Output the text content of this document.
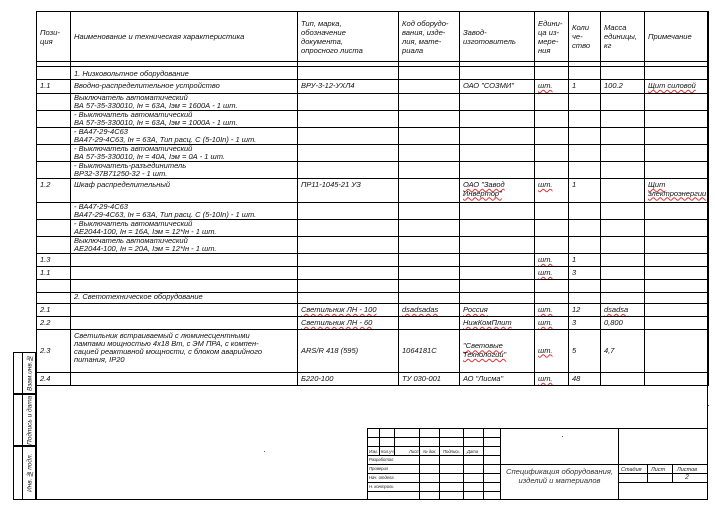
Пози-
ция	Наименование и техническая характеристика	Тип, марка,
обозначение
документа,
опросного листа	Код оборудо-
вания, изде-
лия, мате-
риала	Завод-
изготовитель	Едини-
ца из-
мере-
ния	Коли
че-
ство	Масса
единицы,
кг	Примечание

	1. Низковольтное оборудование							

1.1	Вводно-распределительное устройство	ВРУ-3-12-УХЛ4		ОАО "СОЗМИ"	шт.	1	100.2	Щит силовой

	Выключатель автоматический
ВА 57-35-330010, Iн = 63А, Iэм = 1600А - 1 шт.							

	- Выключатель автоматический
ВА 57-35-330010, Iн = 63А, Iэм = 1000А - 1 шт.							

	- ВА47-29-4С63
ВА47-29-4С63, Iн = 63А, Тип расц. С (5-10In) - 1 шт.							

	- Выключатель автоматический
ВА 57-35-330010, Iн = 40А, Iэм = 0А - 1 шт.							

	- Выключатель-разъединитель
ВР32-37В71250-32 - 1 шт.							

1.2	Шкаф распределительный	ПР11-1045-21 УЗ		ОАО "Завод Инвертор"	шт.	1		Щит электроэнергии

	- ВА47-29-4С63
ВА47-29-4С63, Iн = 63А, Тип расц. С (5-10In) - 1 шт.							

	- Выключатель автоматический
АЕ2044-100, Iн = 16А, Iэм = 12*Iн - 1 шт.							

	Выключатель автоматический
АЕ2044-100, Iн = 20А, Iэм = 12*Iн - 1 шт.							

1.3					шт.	1		
1.1					шт.	3		

	2. Светотехническое оборудование							

2.1		Светильник ЛН - 100	dsadsadas	Россия	шт.	12	dsadsa	
2.2		Светильник ЛН - 60		НижКомПлит	шт.	3	0,800	
2.3	Светильник встраиваемый с люминесцентными
лампами мощностью 4х18 Вт, с ЭМ ПРА, с компен-
сацией реактивной мощности, с блоком аварийного
питания, IP20	ARS/R 418 (595)	1064181С	"Световые Технологии"	шт.	5	4,7	
2.4		Б220-100	ТУ 030-001	АО "Лисма"	шт.	48		
Взам.инв.№
Подпись и дата
Инв. №подл.
Изм. Кол.уч.	Лист № док. Подпись Дата
Разработал
Проверил
Нач. отдела
Н. контроль
Спецификация оборудования, изделий и материалов
Стадия Лист Листов
2
